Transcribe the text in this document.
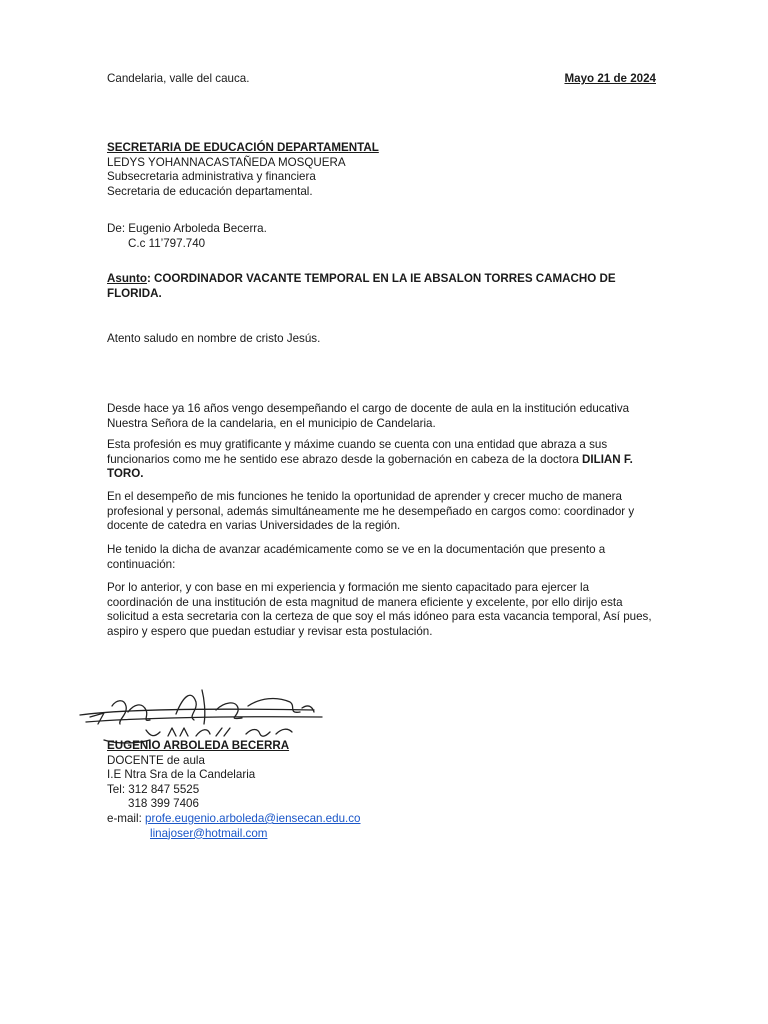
Candelaria, valle del cauca.	Mayo 21 de 2024
SECRETARIA DE EDUCACIÓN DEPARTAMENTAL
LEDYS YOHANNACASTAÑEDA MOSQUERA
Subsecretaria administrativa y financiera
Secretaria de educación departamental.
De: Eugenio Arboleda Becerra.
C.c 11’797.740
Asunto: COORDINADOR VACANTE TEMPORAL EN LA IE ABSALON TORRES CAMACHO DE FLORIDA.
Atento saludo en nombre de cristo Jesús.

Desde hace ya 16 años vengo desempeñando el cargo de docente de aula en la institución educativa Nuestra Señora de la candelaria, en el municipio de Candelaria.

Esta profesión es muy gratificante y máxime cuando se cuenta con una entidad que abraza a sus funcionarios como me he sentido ese abrazo desde la gobernación en cabeza de la doctora DILIAN F. TORO.

En el desempeño de mis funciones he tenido la oportunidad de aprender y crecer mucho de manera profesional y personal, además simultáneamente me he desempeñado en cargos como: coordinador y docente de catedra en varias Universidades de la región.

He tenido la dicha de avanzar académicamente como se ve en la documentación que presento a continuación:

Por lo anterior, y con base en mi experiencia y formación me siento capacitado para ejercer la coordinación de una institución de esta magnitud de manera eficiente y excelente, por ello dirijo esta solicitud a esta secretaria con la certeza de que soy el más idóneo para esta vacancia temporal, Así pues, aspiro y espero que puedan estudiar y revisar esta postulación.

EUGENIO ARBOLEDA BECERRA
DOCENTE de aula
I.E Ntra Sra de la Candelaria
Tel: 312 847 5525
318 399 7406
e-mail: profe.eugenio.arboleda@iensecan.edu.co
linajoser@hotmail.com
